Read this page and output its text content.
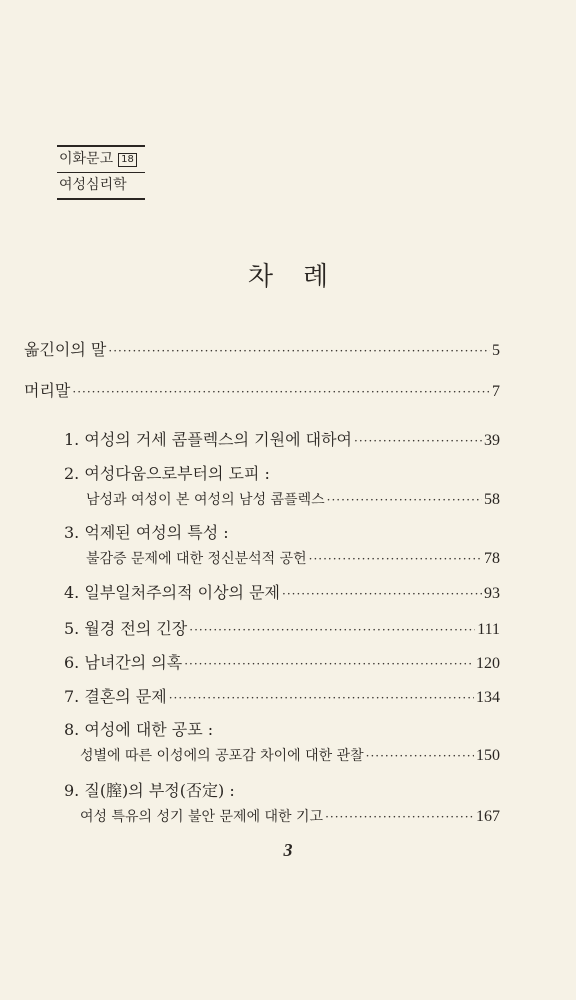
이화문고 18
여성심리학
차례
옮긴이의 말 ·····	5
머리말 ·····	7
1. 여성의 거세 콤플렉스의 기원에 대하여 ·····	39
2. 여성다움으로부터의 도피 :
남성과 여성이 본 여성의 남성 콤플렉스 ·····	58
3. 억제된 여성의 특성 :
불감증 문제에 대한 정신분석적 공헌 ·····	78
4. 일부일처주의적 이상의 문제 ·····	93
5. 월경 전의 긴장 ·····	111
6. 남녀간의 의혹 ·····	120
7. 결혼의 문제 ·····	134
8. 여성에 대한 공포 :
성별에 따른 이성에의 공포감 차이에 대한 관찰 ·····	150
9. 질(膣)의 부정(否定) :
여성 특유의 성기 불안 문제에 대한 기고 ·····	167
3
